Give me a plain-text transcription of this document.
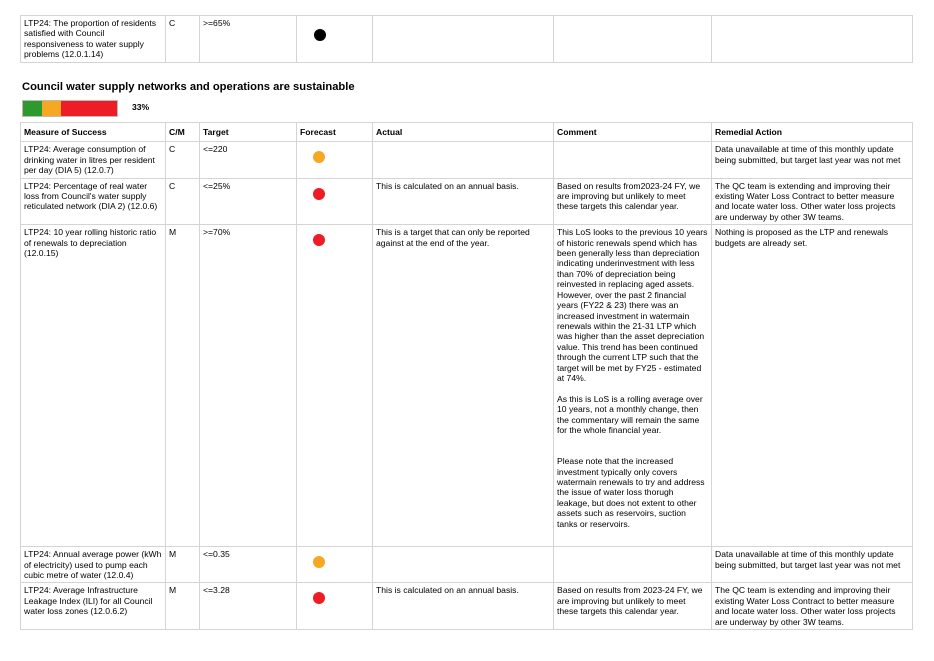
LTP24: The proportion of residents satisfied with Council responsiveness to water supply problems (12.0.1.14)	C	>=65%				
Council water supply networks and operations are sustainable
33%
Measure of Success	C/M	Target	Forecast	Actual	Comment	Remedial Action
LTP24: Average consumption of drinking water in litres per resident per day (DIA 5) (12.0.7)	C	<=220				Data unavailable at time of this monthly update being submitted, but target last year was not met
LTP24: Percentage of real water loss from Council's water supply reticulated network (DIA 2) (12.0.6)	C	<=25%		This is calculated on an annual basis.	Based on results from2023-24 FY, we are improving but unlikely to meet these targets this calendar year.	The QC team is extending and improving their existing Water Loss Contract to better measure and locate water loss. Other water loss projects are underway by other 3W teams.
LTP24: 10 year rolling historic ratio of renewals to depreciation (12.0.15)	M	>=70%		This is a target that can only be reported against at the end of the year.	This LoS looks to the previous 10 years of historic renewals spend which has been generally less than depreciation indicating underinvestment with less than 70% of depreciation being reinvested in replacing aged assets. However, over the past 2 financial years (FY22 & 23) there was an increased investment in watermain renewals within the 21-31 LTP which was higher than the asset depreciation value. This trend has been continued through the current LTP such that the target will be met by FY25 - estimated at 74%.

As this is LoS is a rolling average over 10 years, not a monthly change, then the commentary will remain the same for the whole financial year.

Please note that the increased investment typically only covers watermain renewals to try and address the issue of water loss thorugh leakage, but does not extent to other assets such as reservoirs, suction tanks or reservoirs.	Nothing is proposed as the LTP and renewals budgets are already set.
LTP24: Annual average power (kWh of electricity) used to pump each cubic metre of water (12.0.4)	M	<=0.35				Data unavailable at time of this monthly update being submitted, but target last year was not met
LTP24: Average Infrastructure Leakage Index (ILI) for all Council water loss zones (12.0.6.2)	M	<=3.28		This is calculated on an annual basis.	Based on results from 2023-24 FY, we are improving but unlikely to meet these targets this calendar year.	The QC team is extending and improving their existing Water Loss Contract to better measure and locate water loss. Other water loss projects are underway by other 3W teams.
